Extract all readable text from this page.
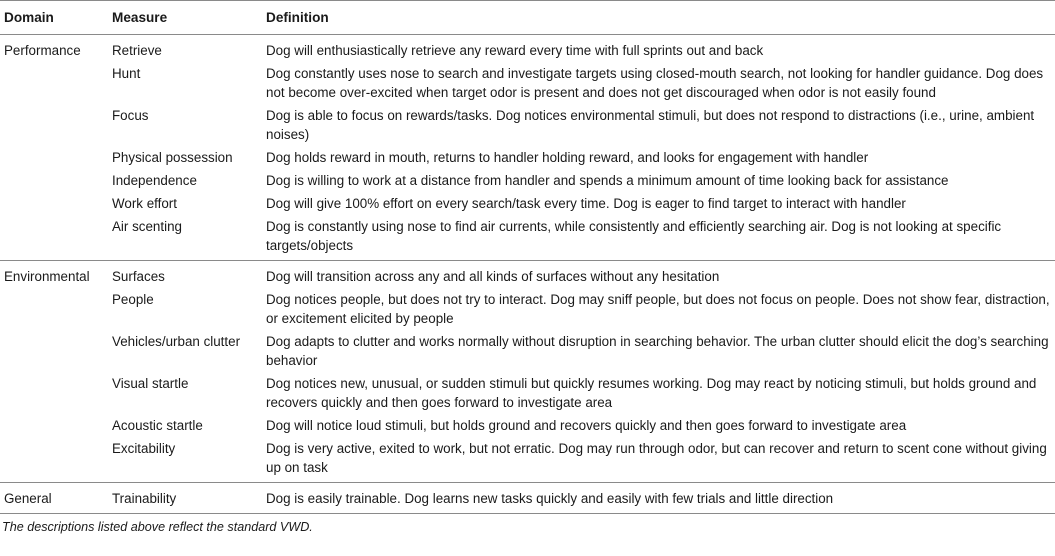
Domain	Measure	Definition
Performance	Retrieve	Dog will enthusiastically retrieve any reward every time with full sprints out and back
	Hunt	Dog constantly uses nose to search and investigate targets using closed-mouth search, not looking for handler guidance. Dog does not become over-excited when target odor is present and does not get discouraged when odor is not easily found
	Focus	Dog is able to focus on rewards/tasks. Dog notices environmental stimuli, but does not respond to distractions (i.e., urine, ambient noises)
	Physical possession	Dog holds reward in mouth, returns to handler holding reward, and looks for engagement with handler
	Independence	Dog is willing to work at a distance from handler and spends a minimum amount of time looking back for assistance
	Work effort	Dog will give 100% effort on every search/task every time. Dog is eager to find target to interact with handler
	Air scenting	Dog is constantly using nose to find air currents, while consistently and efficiently searching air. Dog is not looking at specific targets/objects
Environmental	Surfaces	Dog will transition across any and all kinds of surfaces without any hesitation
	People	Dog notices people, but does not try to interact. Dog may sniff people, but does not focus on people. Does not show fear, distraction, or excitement elicited by people
	Vehicles/urban clutter	Dog adapts to clutter and works normally without disruption in searching behavior. The urban clutter should elicit the dog’s searching behavior
	Visual startle	Dog notices new, unusual, or sudden stimuli but quickly resumes working. Dog may react by noticing stimuli, but holds ground and recovers quickly and then goes forward to investigate area
	Acoustic startle	Dog will notice loud stimuli, but holds ground and recovers quickly and then goes forward to investigate area
	Excitability	Dog is very active, exited to work, but not erratic. Dog may run through odor, but can recover and return to scent cone without giving up on task
General	Trainability	Dog is easily trainable. Dog learns new tasks quickly and easily with few trials and little direction
The descriptions listed above reflect the standard VWD.
